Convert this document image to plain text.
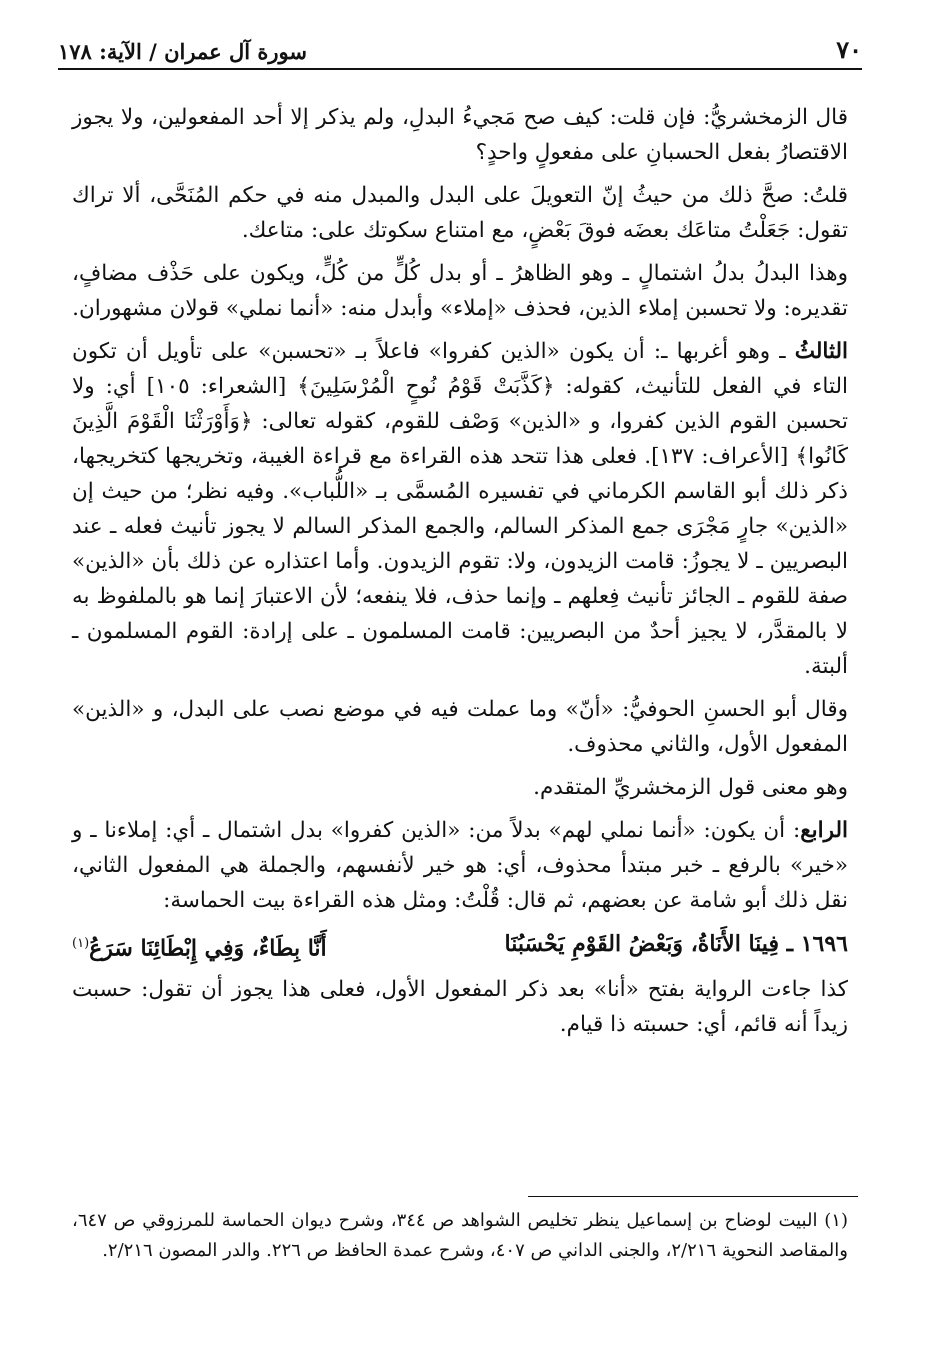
٧٠
سورة آل عمران / الآية: ١٧٨

قال الزمخشريُّ: فإن قلت: كيف صح مَجيءُ البدلِ، ولم يذكر إلا أحد المفعولين، ولا يجوز الاقتصارُ بفعل الحسبانِ على مفعولٍ واحدٍ؟

قلتُ: صحَّ ذلك من حيثُ إنّ التعويلَ على البدل والمبدل منه في حكم المُنَحَّى، ألا تراك تقول: جَعَلْتُ متاعَك بعضَه فوقَ بَعْضٍ، مع امتناع سكوتك على: متاعك.

وهذا البدلُ بدلُ اشتمالٍ ـ وهو الظاهرُ ـ أو بدل كُلٍّ من كُلٍّ، ويكون على حَذْف مضافٍ، تقديره: ولا تحسبن إملاء الذين، فحذف «إملاء» وأبدل منه: «أنما نملي» قولان مشهوران.

الثالثُ ـ وهو أغربها ـ: أن يكون «الذين كفروا» فاعلاً بـ «تحسبن» على تأويل أن تكون التاء في الفعل للتأنيث، كقوله: ﴿كَذَّبَتْ قَوْمُ نُوحٍ الْمُرْسَلِينَ﴾ [الشعراء: ١٠٥] أي: ولا تحسبن القوم الذين كفروا، و «الذين» وَصْف للقوم، كقوله تعالى: ﴿وَأَوْرَثْنَا الْقَوْمَ الَّذِينَ كَانُوا﴾ [الأعراف: ١٣٧]. فعلى هذا تتحد هذه القراءة مع قراءة الغيبة، وتخريجها كتخريجها، ذكر ذلك أبو القاسم الكرماني في تفسيره المُسمَّى بـ «اللُّباب». وفيه نظر؛ من حيث إن «الذين» جارٍ مَجْرَى جمع المذكر السالم، والجمع المذكر السالم لا يجوز تأنيث فعله ـ عند البصريين ـ لا يجوزُ: قامت الزيدون، ولا: تقوم الزيدون. وأما اعتذاره عن ذلك بأن «الذين» صفة للقوم ـ الجائز تأنيث فِعلهم ـ وإنما حذف، فلا ينفعه؛ لأن الاعتبارَ إنما هو بالملفوظ به لا بالمقدَّر، لا يجيز أحدٌ من البصريين: قامت المسلمون ـ على إرادة: القوم المسلمون ـ ألبتة.

وقال أبو الحسنِ الحوفيُّ: «أنّ» وما عملت فيه في موضع نصب على البدل، و «الذين» المفعول الأول، والثاني محذوف.

وهو معنى قول الزمخشريِّ المتقدم.

الرابع: أن يكون: «أنما نملي لهم» بدلاً من: «الذين كفروا» بدل اشتمال ـ أي: إملاءنا ـ و «خير» بالرفع ـ خبر مبتدأ محذوف، أي: هو خير لأنفسهم، والجملة هي المفعول الثاني، نقل ذلك أبو شامة عن بعضهم، ثم قال: قُلْتُ: ومثل هذه القراءة بيت الحماسة:

١٦٩٦ ـ فِينَا الأَنَاةُ، وَبَعْضُ القَوْمِ يَحْسَبُنَا
أَنَّا بِطَاءٌ، وَفِي إِبْطَائِنَا سَرَعُ$^{(١)}$

كذا جاءت الرواية بفتح «أنا» بعد ذكر المفعول الأول، فعلى هذا يجوز أن تقول: حسبت زيداً أنه قائم، أي: حسبته ذا قيام.

(١) البيت لوضاح بن إسماعيل ينظر تخليص الشواهد ص ٣٤٤، وشرح ديوان الحماسة للمرزوقي ص ٦٤٧، والمقاصد النحوية ٢/٢١٦، والجنى الداني ص ٤٠٧، وشرح عمدة الحافظ ص ٢٢٦. والدر المصون ٢/٢١٦.
